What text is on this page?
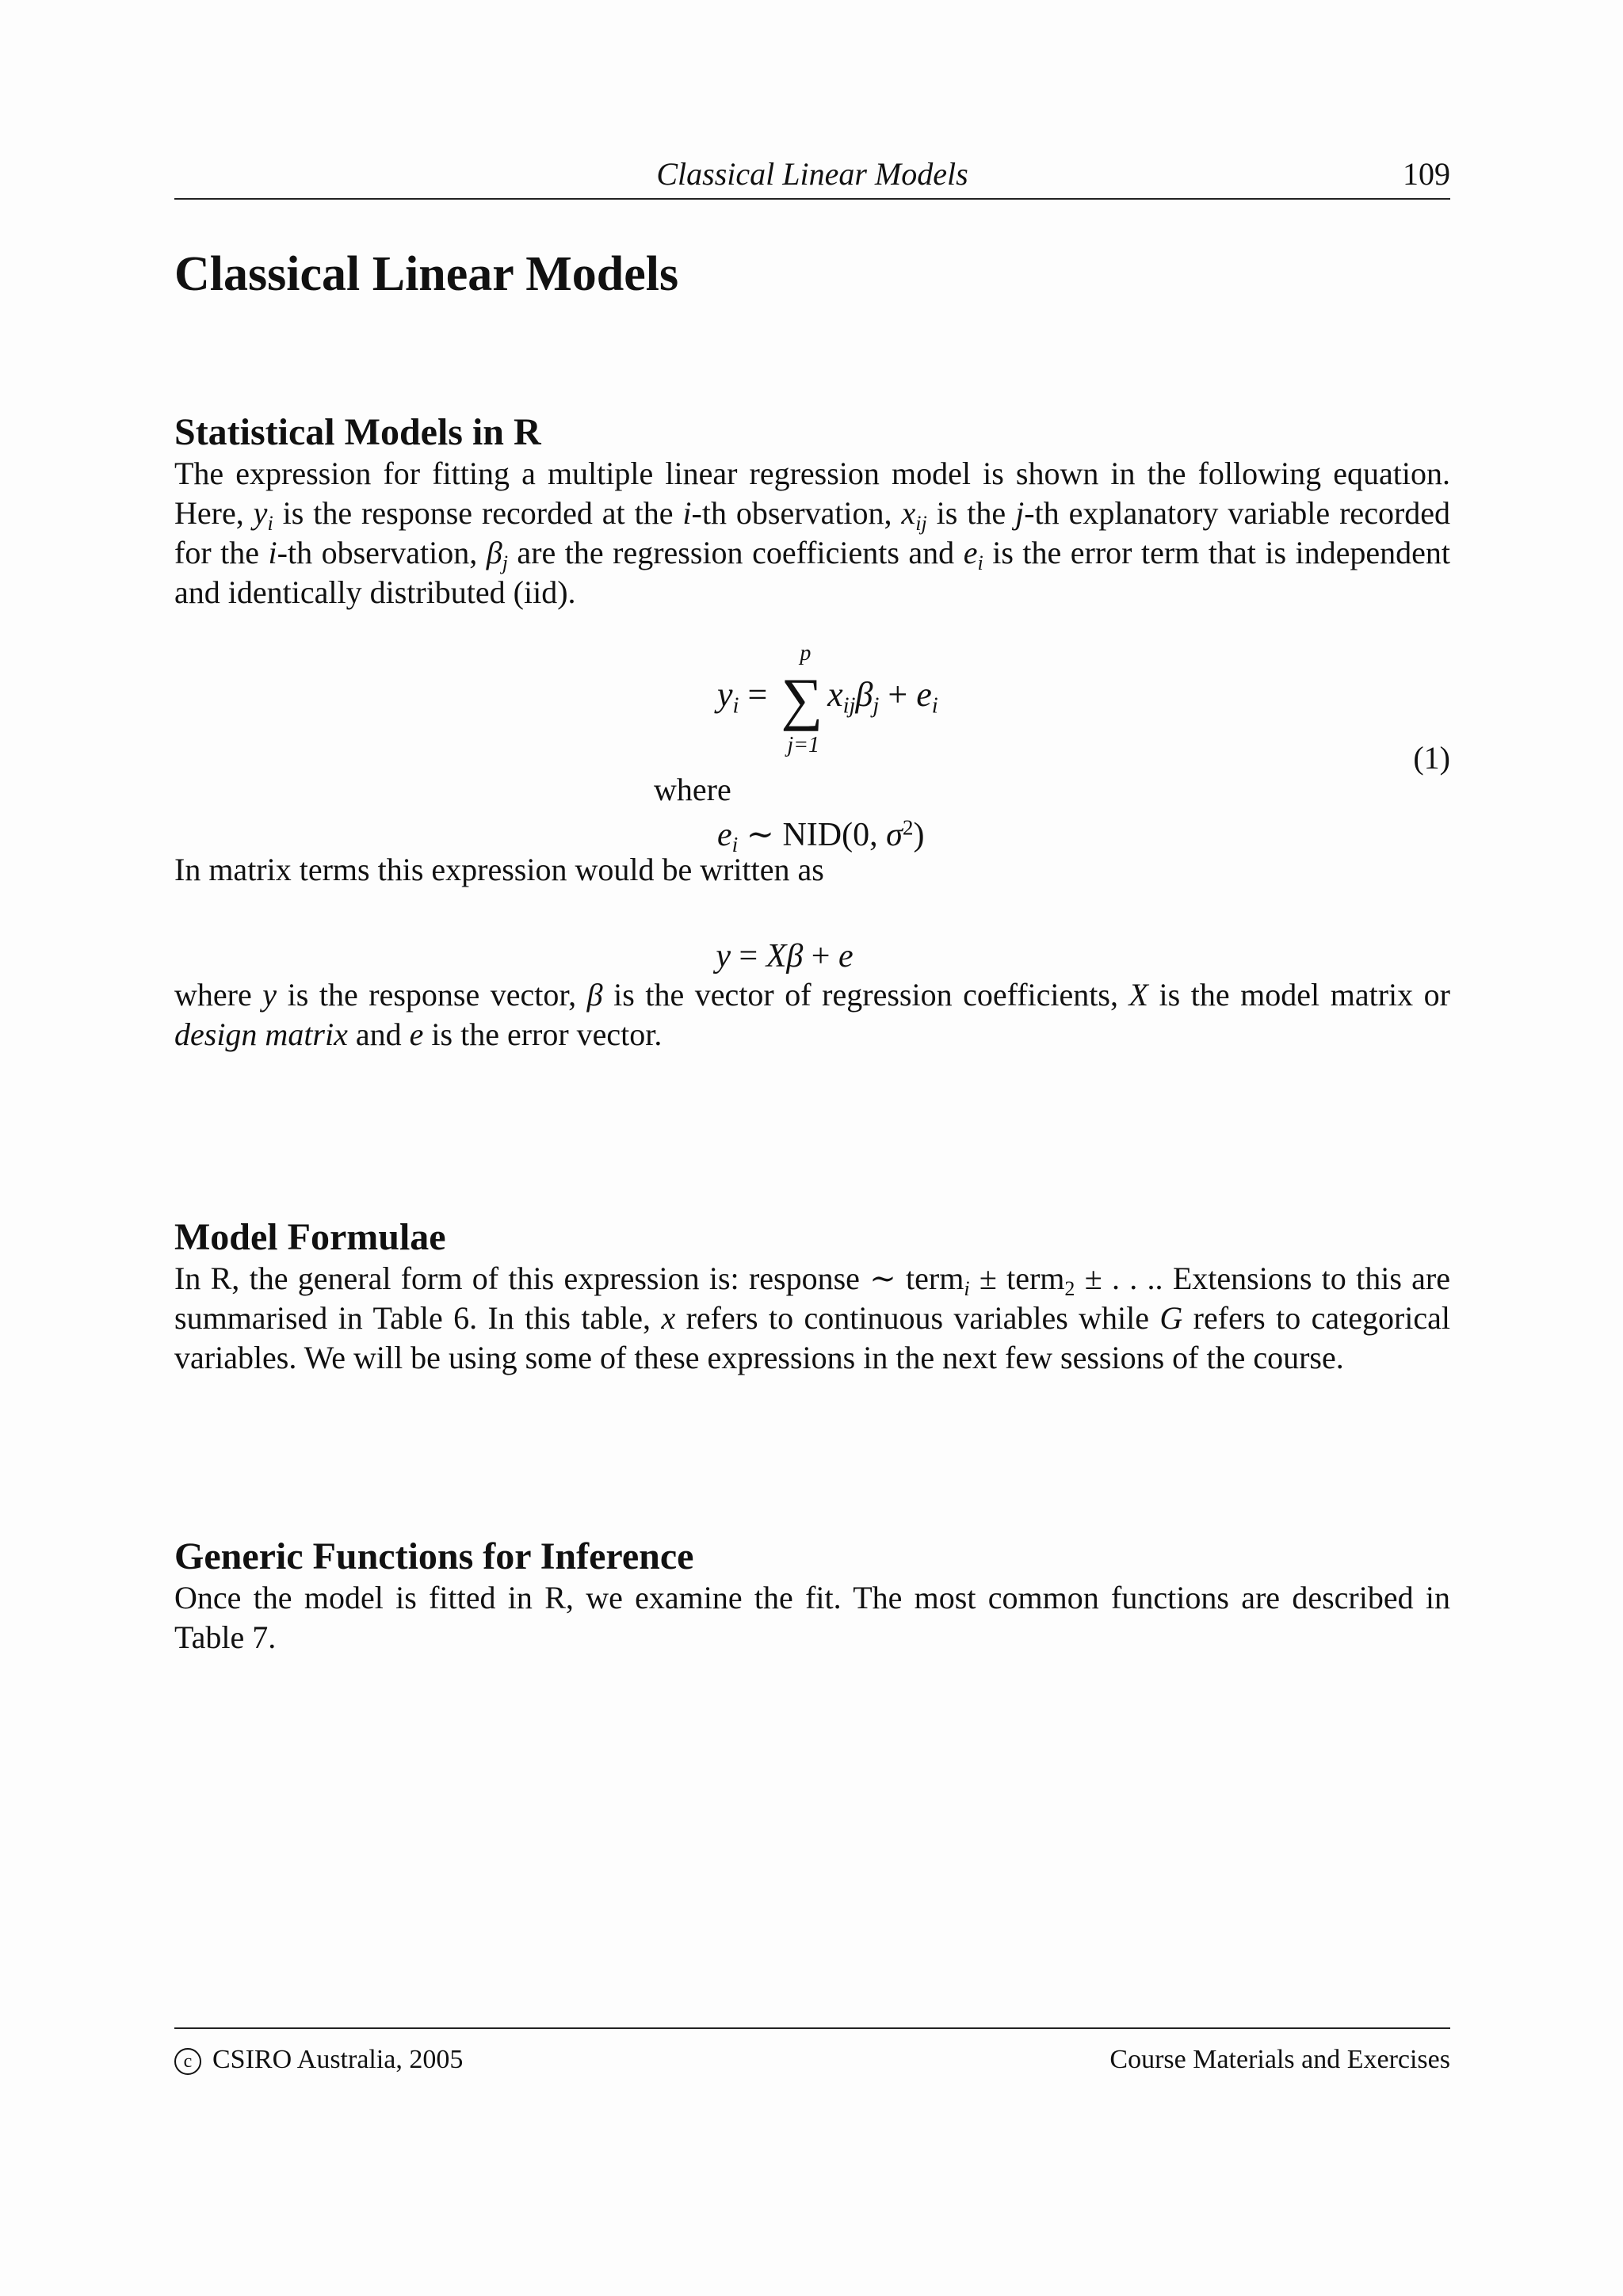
Classical Linear Models	109
Classical Linear Models
Statistical Models in R

The expression for fitting a multiple linear regression model is shown in the following equation. Here, $y_i$ is the response recorded at the i-th observation, $x_{ij}$ is the j-th explanatory variable recorded for the i-th observation, $\beta_j$ are the regression coefficients and $e_i$ is the error term that is independent and identically distributed (iid).

$y_i$ = ∑
p
j=1
$x_{ij}\beta_j + e_i$
where
$e_i$ ∼ NID(0, $\sigma^2$)
(1)

In matrix terms this expression would be written as

y = Xβ + e

where y is the response vector, β is the vector of regression coefficients, X is the model matrix or design matrix and e is the error vector.

Model Formulae

In R, the general form of this expression is: response ∼ term$_i$ ± term$_2$ ± . . .. Extensions to this are summarised in Table 6. In this table, x refers to continuous variables while G refers to categorical variables. We will be using some of these expressions in the next few sessions of the course.

Generic Functions for Inference

Once the model is fitted in R, we examine the fit. The most common functions are described in Table 7.

c CSIRO Australia, 2005	Course Materials and Exercises
